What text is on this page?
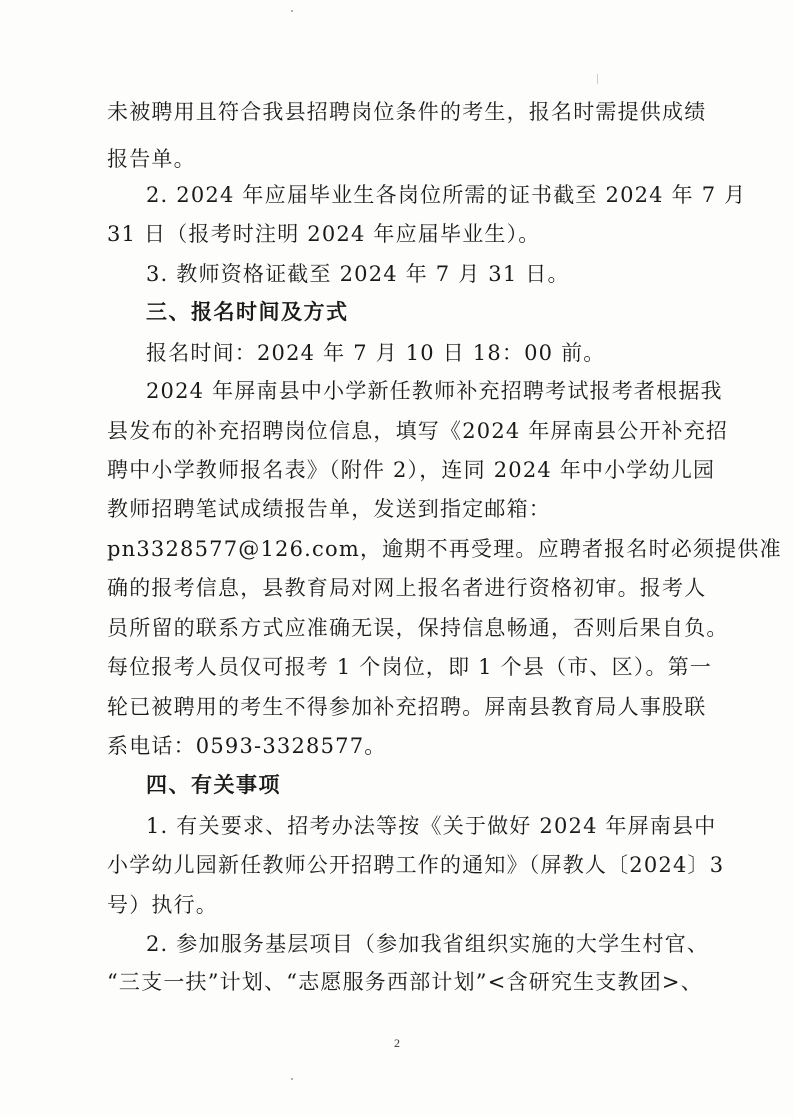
未被聘用且符合我县招聘岗位条件的考生，报名时需提供成绩
报告单。
2. 2024 年应届毕业生各岗位所需的证书截至 2024 年 7 月
31 日（报考时注明 2024 年应届毕业生）。
3. 教师资格证截至 2024 年 7 月 31 日。
三、报名时间及方式
报名时间：2024 年 7 月 10 日 18：00 前。
2024 年屏南县中小学新任教师补充招聘考试报考者根据我
县发布的补充招聘岗位信息，填写《2024 年屏南县公开补充招
聘中小学教师报名表》（附件 2），连同 2024 年中小学幼儿园
教师招聘笔试成绩报告单，发送到指定邮箱：
pn3328577@126.com，逾期不再受理。应聘者报名时必须提供准
确的报考信息，县教育局对网上报名者进行资格初审。报考人
员所留的联系方式应准确无误，保持信息畅通，否则后果自负。
每位报考人员仅可报考 1 个岗位，即 1 个县（市、区）。第一
轮已被聘用的考生不得参加补充招聘。屏南县教育局人事股联
系电话：0593-3328577。
四、有关事项
1. 有关要求、招考办法等按《关于做好 2024 年屏南县中
小学幼儿园新任教师公开招聘工作的通知》（屏教人〔2024〕3
号）执行。
2. 参加服务基层项目（参加我省组织实施的大学生村官、
“三支一扶”计划、“志愿服务西部计划”<含研究生支教团>、
2
